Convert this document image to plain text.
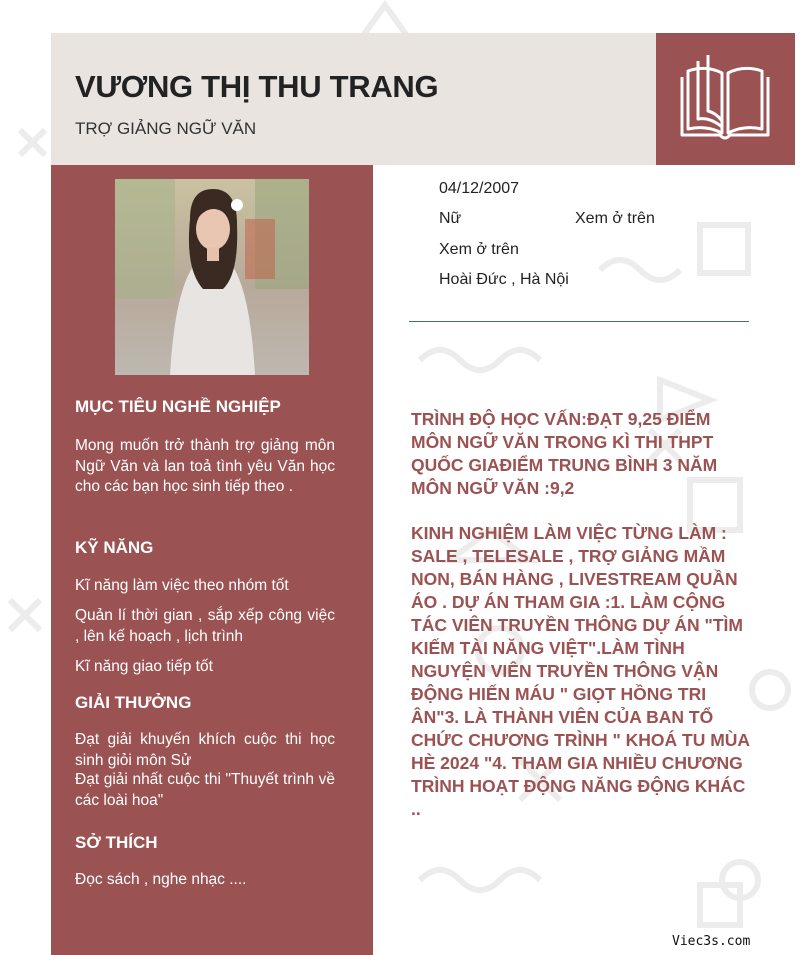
VƯƠNG THỊ THU TRANG
TRỢ GIẢNG NGỮ VĂN
MỤC TIÊU NGHỀ NGHIỆP
Mong muốn trở thành trợ giảng môn Ngữ Văn và lan toả tình yêu Văn học cho các bạn học sinh tiếp theo .
KỸ NĂNG
Kĩ năng làm việc theo nhóm tốt
Quản lí thời gian , sắp xếp công việc , lên kế hoạch , lịch trình
Kĩ năng giao tiếp tốt
GIẢI THƯỞNG
Đạt giải khuyến khích cuộc thi học sinh giỏi môn Sử
Đạt giải nhất cuộc thi "Thuyết trình về các loài hoa"
SỞ THÍCH
Đọc sách , nghe nhạc ....
04/12/2007
Nữ	Xem ở trên
Xem ở trên
Hoài Đức , Hà Nội
TRÌNH ĐỘ HỌC VẤN:ĐẠT 9,25 ĐIỂM MÔN NGỮ VĂN TRONG KÌ THI THPT QUỐC GIAĐIỂM TRUNG BÌNH 3 NĂM MÔN NGỮ VĂN :9,2
KINH NGHIỆM LÀM VIỆC TỪNG LÀM : SALE , TELESALE , TRỢ GIẢNG MẦM NON, BÁN HÀNG , LIVESTREAM QUẦN ÁO . DỰ ÁN THAM GIA :1. LÀM CỘNG TÁC VIÊN TRUYỀN THÔNG DỰ ÁN "TÌM KIẾM TÀI NĂNG VIỆT".LÀM TÌNH NGUYỆN VIÊN TRUYỀN THÔNG VẬN ĐỘNG HIẾN MÁU " GIỌT HỒNG TRI ÂN"3. LÀ THÀNH VIÊN CỦA BAN TỔ CHỨC CHƯƠNG TRÌNH " KHOÁ TU MÙA HÈ 2024 "4. THAM GIA NHIỀU CHƯƠNG TRÌNH HOẠT ĐỘNG NĂNG ĐỘNG KHÁC ..
Viec3s.com
